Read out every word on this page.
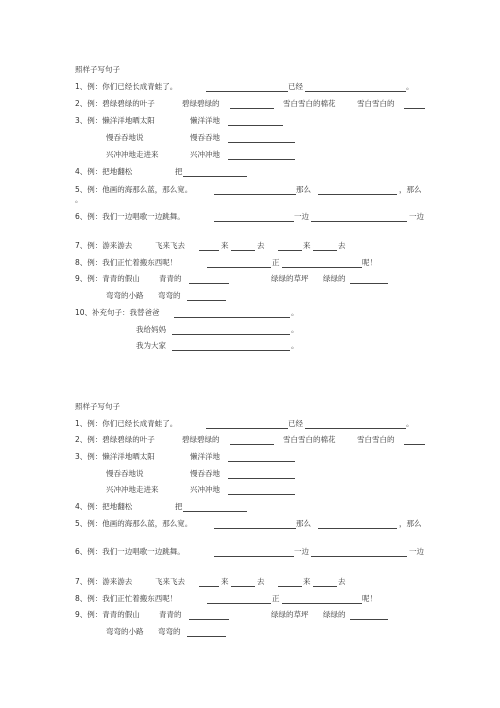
照样子写句子
1、例：你们已经长成青蛙了。	已经	。
2、例：碧绿碧绿的叶子	碧绿碧绿的	雪白雪白的棉花	雪白雪白的
3、例：懒洋洋地晒太阳	懒洋洋地
慢吞吞地说	慢吞吞地
兴冲冲地走进来	兴冲冲地
4、例：把地翻松	把
5、例：他画的海那么蓝，那么宽。	那么	，那么
。
6、例：我们一边唱歌一边跳舞。	一边	一边
7、例：游来游去	飞来飞去	来	去	来	去
8、例：我们正忙着搬东西呢！	正	呢！
9、例：青青的假山	青青的	绿绿的草坪 绿绿的
弯弯的小路 弯弯的
10、补充句子：我替爸爸	。
我给妈妈	。
我为大家	。
照样子写句子
1、例：你们已经长成青蛙了。	已经	。
2、例：碧绿碧绿的叶子	碧绿碧绿的	雪白雪白的棉花	雪白雪白的
3、例：懒洋洋地晒太阳	懒洋洋地
慢吞吞地说	慢吞吞地
兴冲冲地走进来	兴冲冲地
4、例：把地翻松	把
5、例：他画的海那么蓝，那么宽。	那么	，那么
6、例：我们一边唱歌一边跳舞。	一边	一边
7、例：游来游去	飞来飞去	来	去	来	去
8、例：我们正忙着搬东西呢！	正	呢！
9、例：青青的假山	青青的	绿绿的草坪 绿绿的
弯弯的小路 弯弯的
